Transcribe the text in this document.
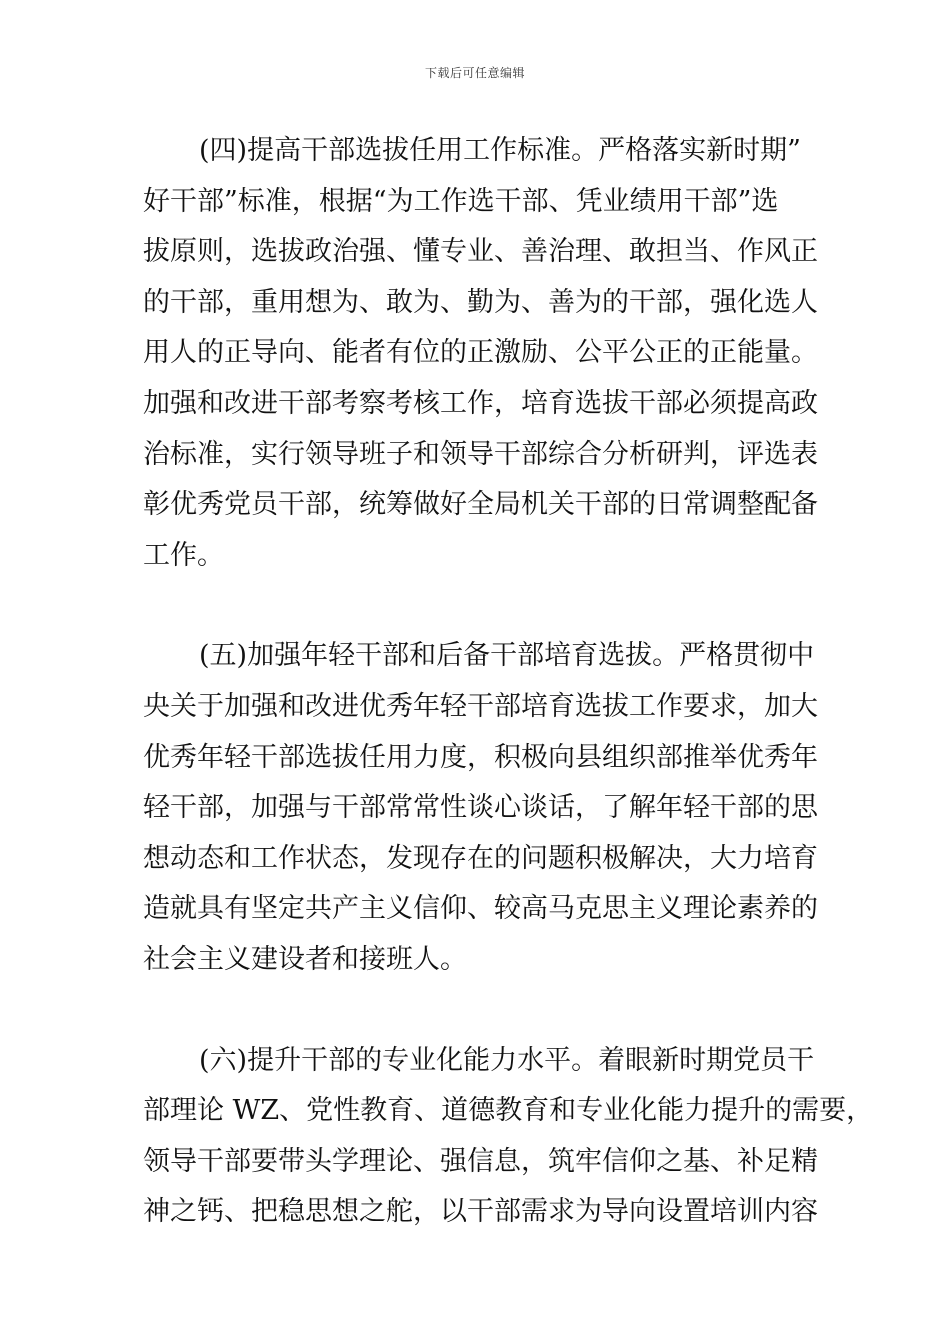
下载后可任意编辑
(四)提高干部选拔任用工作标准。严格落实新时期”
好干部”标准，根据“为工作选干部、凭业绩用干部”选
拔原则，选拔政治强、懂专业、善治理、敢担当、作风正
的干部，重用想为、敢为、勤为、善为的干部，强化选人
用人的正导向、能者有位的正激励、公平公正的正能量。
加强和改进干部考察考核工作，培育选拔干部必须提高政
治标准，实行领导班子和领导干部综合分析研判，评选表
彰优秀党员干部，统筹做好全局机关干部的日常调整配备
工作。
(五)加强年轻干部和后备干部培育选拔。严格贯彻中
央关于加强和改进优秀年轻干部培育选拔工作要求，加大
优秀年轻干部选拔任用力度，积极向县组织部推举优秀年
轻干部，加强与干部常常性谈心谈话，了解年轻干部的思
想动态和工作状态，发现存在的问题积极解决，大力培育
造就具有坚定共产主义信仰、较高马克思主义理论素养的
社会主义建设者和接班人。
(六)提升干部的专业化能力水平。着眼新时期党员干
部理论 WZ、党性教育、道德教育和专业化能力提升的需要，
领导干部要带头学理论、强信息，筑牢信仰之基、补足精
神之钙、把稳思想之舵，以干部需求为导向设置培训内容
